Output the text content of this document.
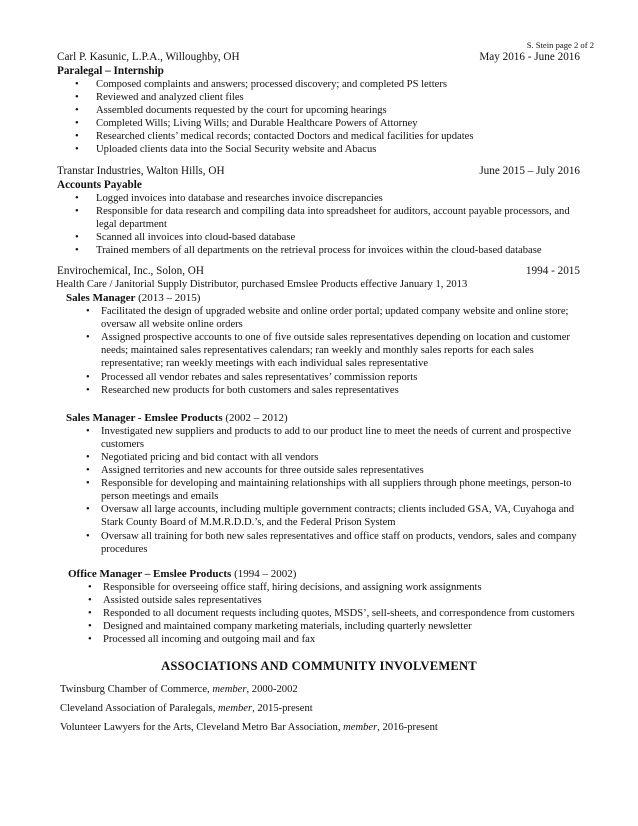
S. Stein page 2 of 2
Carl P. Kasunic, L.P.A., Willoughby, OH	May 2016 - June 2016
Paralegal – Internship
• Composed complaints and answers; processed discovery; and completed PS letters
• Reviewed and analyzed client files
• Assembled documents requested by the court for upcoming hearings
• Completed Wills; Living Wills; and Durable Healthcare Powers of Attorney
• Researched clients’ medical records; contacted Doctors and medical facilities for updates
• Uploaded clients data into the Social Security website and Abacus
Transtar Industries, Walton Hills, OH	June 2015 – July 2016
Accounts Payable
• Logged invoices into database and researches invoice discrepancies
• Responsible for data research and compiling data into spreadsheet for auditors, account payable processors, and legal department
• Scanned all invoices into cloud-based database
• Trained members of all departments on the retrieval process for invoices within the cloud-based database
Envirochemical, Inc., Solon, OH	1994 - 2015
Health Care / Janitorial Supply Distributor, purchased Emslee Products effective January 1, 2013
Sales Manager (2013 – 2015)
• Facilitated the design of upgraded website and online order portal; updated company website and online store; oversaw all website online orders
• Assigned prospective accounts to one of five outside sales representatives depending on location and customer needs; maintained sales representatives calendars; ran weekly and monthly sales reports for each sales representative; ran weekly meetings with each individual sales representative
• Processed all vendor rebates and sales representatives’ commission reports
• Researched new products for both customers and sales representatives
Sales Manager - Emslee Products (2002 – 2012)
• Investigated new suppliers and products to add to our product line to meet the needs of current and prospective customers
• Negotiated pricing and bid contact with all vendors
• Assigned territories and new accounts for three outside sales representatives
• Responsible for developing and maintaining relationships with all suppliers through phone meetings, person-to person meetings and emails
• Oversaw all large accounts, including multiple government contracts; clients included GSA, VA, Cuyahoga and Stark County Board of M.M.R.D.D.’s, and the Federal Prison System
• Oversaw all training for both new sales representatives and office staff on products, vendors, sales and company procedures
Office Manager – Emslee Products (1994 – 2002)
• Responsible for overseeing office staff, hiring decisions, and assigning work assignments
• Assisted outside sales representatives
• Responded to all document requests including quotes, MSDS’, sell-sheets, and correspondence from customers
• Designed and maintained company marketing materials, including quarterly newsletter
• Processed all incoming and outgoing mail and fax
ASSOCIATIONS AND COMMUNITY INVOLVEMENT
Twinsburg Chamber of Commerce, member, 2000-2002
Cleveland Association of Paralegals, member, 2015-present
Volunteer Lawyers for the Arts, Cleveland Metro Bar Association, member, 2016-present
